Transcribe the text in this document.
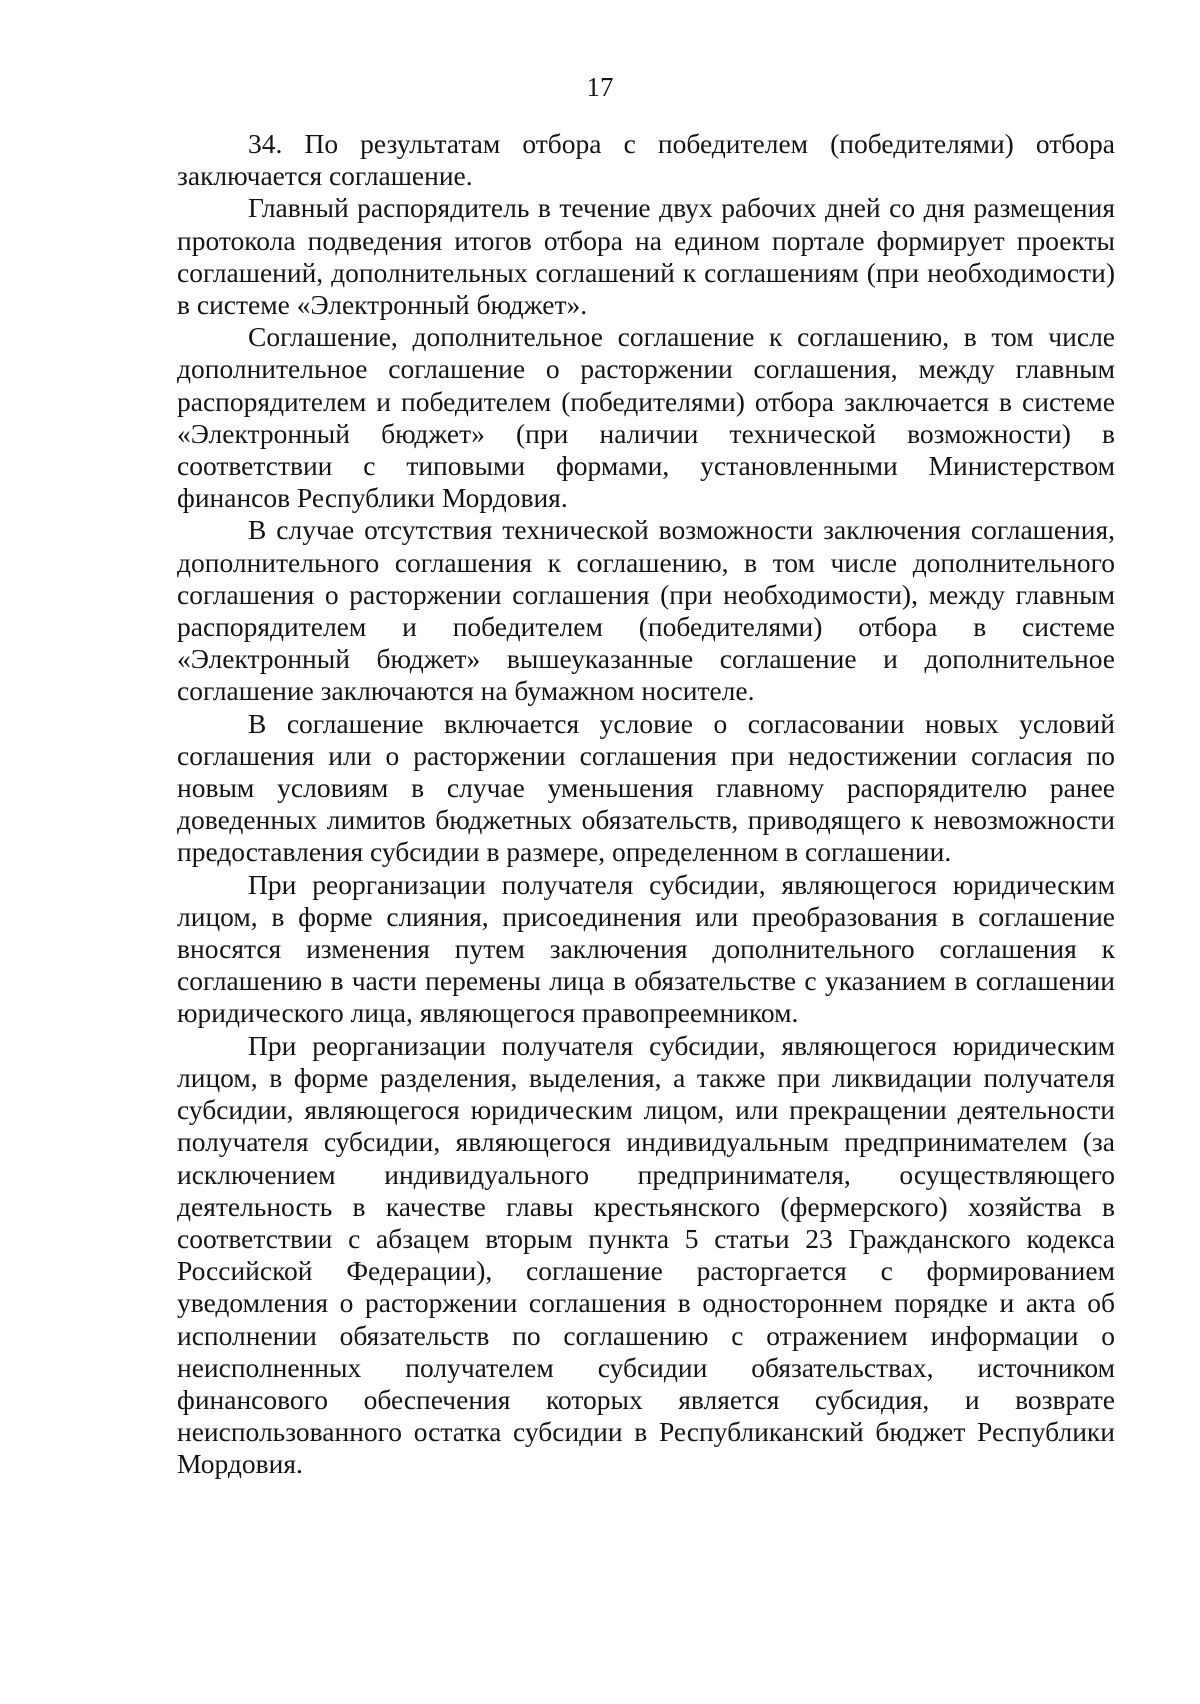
17

34. По результатам отбора с победителем (победителями) отбора заключается соглашение.

Главный распорядитель в течение двух рабочих дней со дня размещения протокола подведения итогов отбора на едином портале формирует проекты соглашений, дополнительных соглашений к соглашениям (при необходимости) в системе «Электронный бюджет».

Соглашение, дополнительное соглашение к соглашению, в том числе дополнительное соглашение о расторжении соглашения, между главным распорядителем и победителем (победителями) отбора заключается в системе «Электронный бюджет» (при наличии технической возможности) в соответствии с типовыми формами, установленными Министерством финансов Республики Мордовия.

В случае отсутствия технической возможности заключения соглашения, дополнительного соглашения к соглашению, в том числе дополнительного соглашения о расторжении соглашения (при необходимости), между главным распорядителем и победителем (победителями) отбора в системе «Электронный бюджет» вышеуказанные соглашение и дополнительное соглашение заключаются на бумажном носителе.

В соглашение включается условие о согласовании новых условий соглашения или о расторжении соглашения при недостижении согласия по новым условиям в случае уменьшения главному распорядителю ранее доведенных лимитов бюджетных обязательств, приводящего к невозможности предоставления субсидии в размере, определенном в соглашении.

При реорганизации получателя субсидии, являющегося юридическим лицом, в форме слияния, присоединения или преобразования в соглашение вносятся изменения путем заключения дополнительного соглашения к соглашению в части перемены лица в обязательстве с указанием в соглашении юридического лица, являющегося правопреемником.

При реорганизации получателя субсидии, являющегося юридическим лицом, в форме разделения, выделения, а также при ликвидации получателя субсидии, являющегося юридическим лицом, или прекращении деятельности получателя субсидии, являющегося индивидуальным предпринимателем (за исключением индивидуального предпринимателя, осуществляющего деятельность в качестве главы крестьянского (фермерского) хозяйства в соответствии с абзацем вторым пункта 5 статьи 23 Гражданского кодекса Российской Федерации), соглашение расторгается с формированием уведомления о расторжении соглашения в одностороннем порядке и акта об исполнении обязательств по соглашению с отражением информации о неисполненных получателем субсидии обязательствах, источником финансового обеспечения которых является субсидия, и возврате неиспользованного остатка субсидии в Республиканский бюджет Республики Мордовия.
